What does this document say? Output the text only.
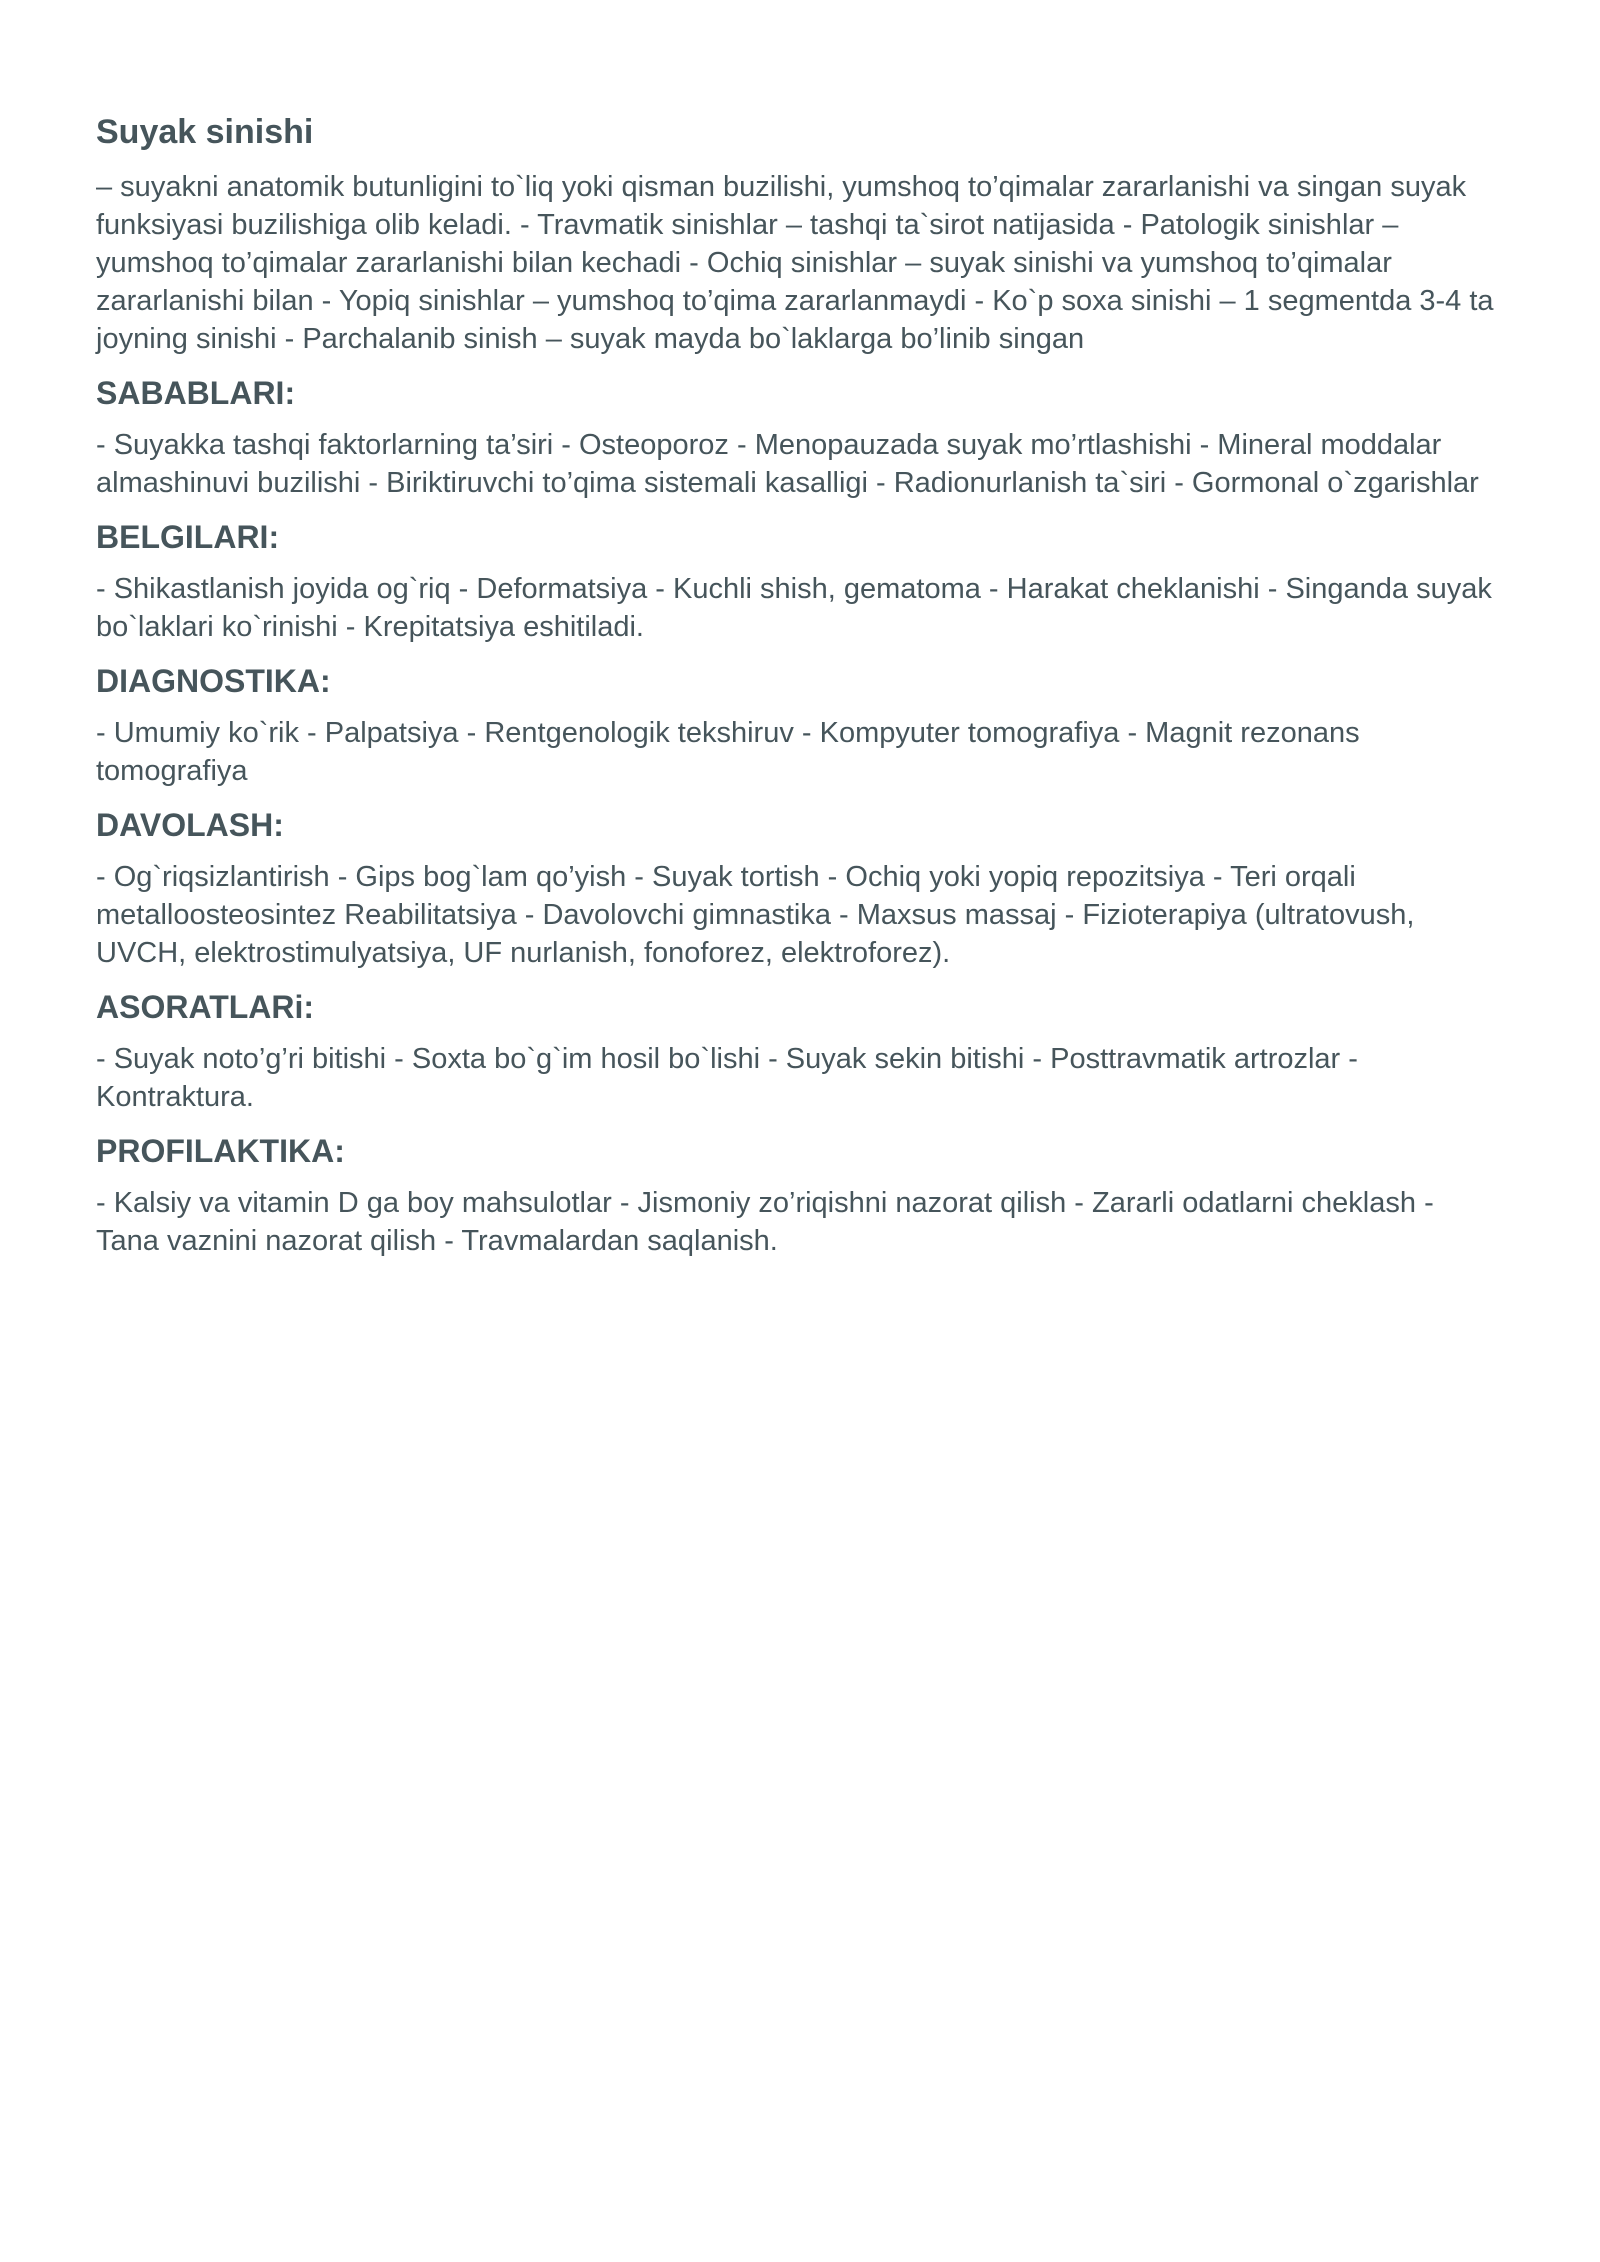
Suyak sinishi

– suyakni anatomik butunligini to`liq yoki qisman buzilishi, yumshoq to’qimalar zararlanishi va singan suyak funksiyasi buzilishiga olib keladi. - Travmatik sinishlar – tashqi ta`sirot natijasida - Patologik sinishlar – yumshoq to’qimalar zararlanishi bilan kechadi - Ochiq sinishlar – suyak sinishi va yumshoq to’qimalar zararlanishi bilan - Yopiq sinishlar – yumshoq to’qima zararlanmaydi - Ko`p soxa sinishi – 1 segmentda 3-4 ta joyning sinishi - Parchalanib sinish – suyak mayda bo`laklarga bo’linib singan

SABABLARI:

- Suyakka tashqi faktorlarning ta’siri - Osteoporoz - Menopauzada suyak mo’rtlashishi - Mineral moddalar almashinuvi buzilishi - Biriktiruvchi to’qima sistemali kasalligi - Radionurlanish ta`siri - Gormonal o`zgarishlar

BELGILARI:

- Shikastlanish joyida og`riq - Deformatsiya - Kuchli shish, gematoma - Harakat cheklanishi - Singanda suyak bo`laklari ko`rinishi - Krepitatsiya eshitiladi.

DIAGNOSTIKA:

- Umumiy ko`rik - Palpatsiya - Rentgenologik tekshiruv - Kompyuter tomografiya - Magnit rezonans tomografiya

DAVOLASH:

- Og`riqsizlantirish - Gips bog`lam qo’yish - Suyak tortish - Ochiq yoki yopiq repozitsiya - Teri orqali metalloosteosintez Reabilitatsiya - Davolovchi gimnastika - Maxsus massaj - Fizioterapiya (ultratovush, UVCH, elektrostimulyatsiya, UF nurlanish, fonoforez, elektroforez).

ASORATLARi:

- Suyak noto’g’ri bitishi - Soxta bo`g`im hosil bo`lishi - Suyak sekin bitishi - Posttravmatik artrozlar - Kontraktura.

PROFILAKTIKA:

- Kalsiy va vitamin D ga boy mahsulotlar - Jismoniy zo’riqishni nazorat qilish - Zararli odatlarni cheklash - Tana vaznini nazorat qilish - Travmalardan saqlanish.
